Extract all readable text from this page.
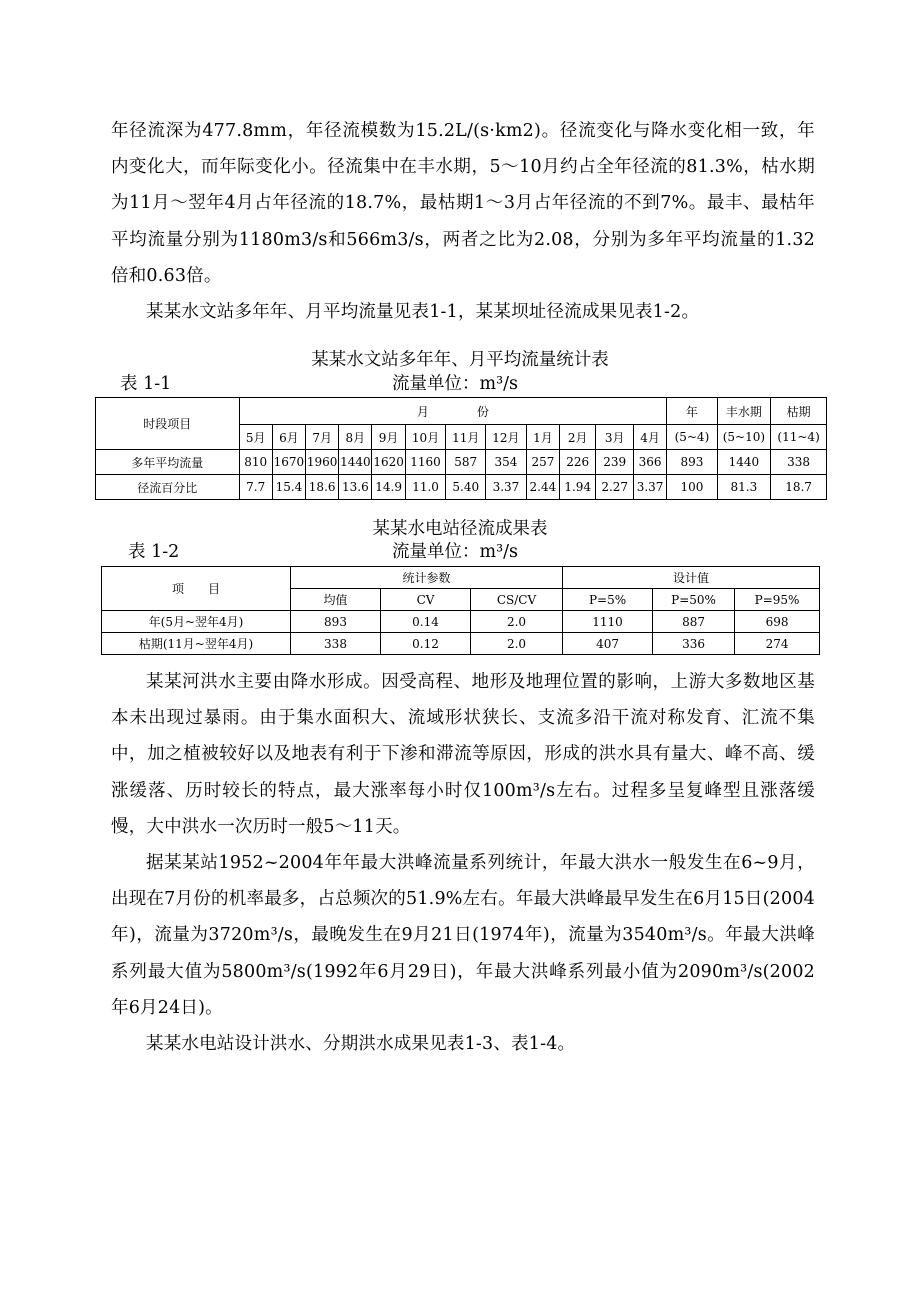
年径流深为477.8mm，年径流模数为15.2L/(s·km2)。径流变化与降水变化相一致，年内变化大，而年际变化小。径流集中在丰水期，5～10月约占全年径流的81.3%，枯水期为11月～翌年4月占年径流的18.7%，最枯期1～3月占年径流的不到7%。最丰、最枯年平均流量分别为1180m3/s和566m3/s，两者之比为2.08，分别为多年平均流量的1.32倍和0.63倍。

某某水文站多年年、月平均流量见表1-1，某某坝址径流成果见表1-2。

某某水文站多年年、月平均流量统计表

表 1-1	流量单位：m³/s

时段项目	月　　　　份												年	丰水期	枯期
	5月	6月	7月	8月	9月	10月	11月	12月	1月	2月	3月	4月	(5~4)	(5~10)	(11~4)
多年平均流量	810	1670	1960	1440	1620	1160	587	354	257	226	239	366	893	1440	338
径流百分比	7.7	15.4	18.6	13.6	14.9	11.0	5.40	3.37	2.44	1.94	2.27	3.37	100	81.3	18.7

某某水电站径流成果表

表 1-2	流量单位：m³/s

项　　目	统计参数			设计值		
	均值	CV	CS/CV	P=5%	P=50%	P=95%
年(5月~翌年4月)	893	0.14	2.0	1110	887	698
枯期(11月~翌年4月)	338	0.12	2.0	407	336	274

某某河洪水主要由降水形成。因受高程、地形及地理位置的影响，上游大多数地区基本未出现过暴雨。由于集水面积大、流域形状狭长、支流多沿干流对称发育、汇流不集中，加之植被较好以及地表有利于下渗和滞流等原因，形成的洪水具有量大、峰不高、缓涨缓落、历时较长的特点，最大涨率每小时仅100m³/s左右。过程多呈复峰型且涨落缓慢，大中洪水一次历时一般5～11天。

据某某站1952~2004年年最大洪峰流量系列统计，年最大洪水一般发生在6~9月，出现在7月份的机率最多，占总频次的51.9%左右。年最大洪峰最早发生在6月15日(2004年)，流量为3720m³/s，最晚发生在9月21日(1974年)，流量为3540m³/s。年最大洪峰系列最大值为5800m³/s(1992年6月29日)，年最大洪峰系列最小值为2090m³/s(2002年6月24日)。

某某水电站设计洪水、分期洪水成果见表1-3、表1-4。
